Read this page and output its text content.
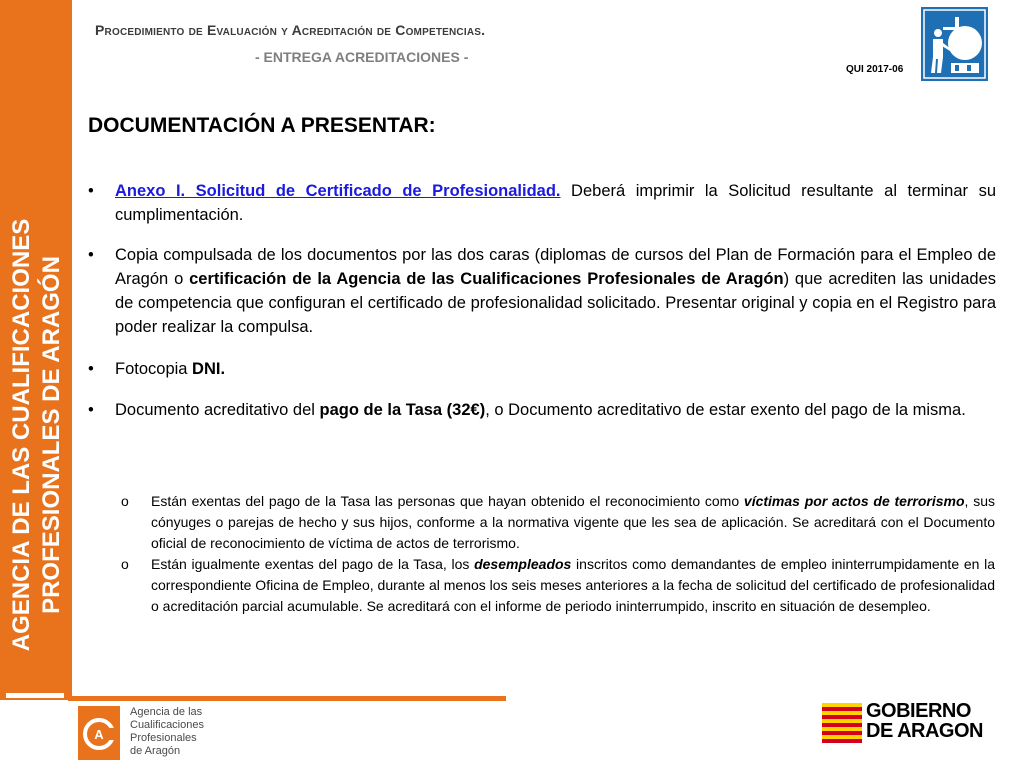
AGENCIA DE LAS CUALIFICACIONES PROFESIONALES DE ARAGÓN
Procedimiento de Evaluación y Acreditación de Competencias.
- ENTREGA ACREDITACIONES -
QUI 2017-06
DOCUMENTACIÓN A PRESENTAR:
• Anexo I. Solicitud de Certificado de Profesionalidad. Deberá imprimir la Solicitud resultante al terminar su cumplimentación.
• Copia compulsada de los documentos por las dos caras (diplomas de cursos del Plan de Formación para el Empleo de Aragón o certificación de la Agencia de las Cualificaciones Profesionales de Aragón) que acrediten las unidades de competencia que configuran el certificado de profesionalidad solicitado. Presentar original y copia en el Registro para poder realizar la compulsa.
• Fotocopia DNI.
• Documento acreditativo del pago de la Tasa (32€), o Documento acreditativo de estar exento del pago de la misma.
o Están exentas del pago de la Tasa las personas que hayan obtenido el reconocimiento como víctimas por actos de terrorismo, sus cónyuges o parejas de hecho y sus hijos, conforme a la normativa vigente que les sea de aplicación. Se acreditará con el Documento oficial de reconocimiento de víctima de actos de terrorismo.
o Están igualmente exentas del pago de la Tasa, los desempleados inscritos como demandantes de empleo ininterrumpidamente en la correspondiente Oficina de Empleo, durante al menos los seis meses anteriores a la fecha de solicitud del certificado de profesionalidad o acreditación parcial acumulable. Se acreditará con el informe de periodo ininterrumpido, inscrito en situación de desempleo.
A
Agencia de las
Cualificaciones
Profesionales
de Aragón
GOBIERNO
DE ARAGON
